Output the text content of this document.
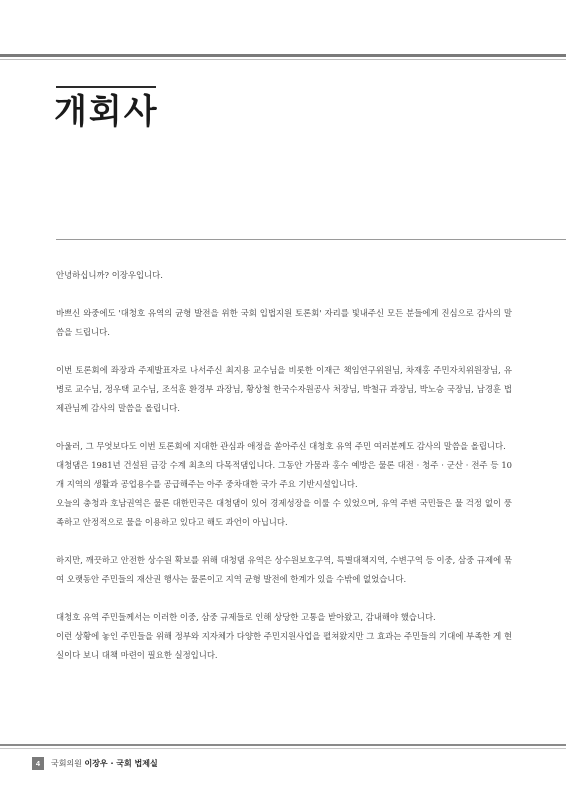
개회사

안녕하십니까? 이장우입니다.

바쁘신 와중에도 '대청호 유역의 균형 발전을 위한 국회 입법지원 토론회' 자리를 빛내주신 모든 분들에게 진심으로 감사의 말씀을 드립니다.

이번 토론회에 좌장과 주제발표자로 나서주신 최지용 교수님을 비롯한 이재근 책임연구위원님, 차재홍 주민자치위원장님, 유병로 교수님, 정우택 교수님, 조석훈 환경부 과장님, 황상철 한국수자원공사 처장님, 박철규 과장님, 박노승 국장님, 남경훈 법제관님께 감사의 말씀을 올립니다.

아울러, 그 무엇보다도 이번 토론회에 지대한 관심과 애정을 쏟아주신 대청호 유역 주민 여러분께도 감사의 말씀을 올립니다.

대청댐은 1981년 건설된 금강 수계 최초의 다목적댐입니다. 그동안 가뭄과 홍수 예방은 물론 대전 · 청주 · 군산 · 전주 등 10개 지역의 생활과 공업용수를 공급해주는 아주 중차대한 국가 주요 기반시설입니다.

오늘의 충청과 호남권역은 물론 대한민국은 대청댐이 있어 경제성장을 이룰 수 있었으며, 유역 주변 국민들은 물 걱정 없이 풍족하고 안정적으로 물을 이용하고 있다고 해도 과언이 아닙니다.

하지만, 깨끗하고 안전한 상수원 확보를 위해 대청댐 유역은 상수원보호구역, 특별대책지역, 수변구역 등 이중, 삼중 규제에 묶여 오랫동안 주민들의 재산권 행사는 물론이고 지역 균형 발전에 한계가 있을 수밖에 없었습니다.

대청호 유역 주민들께서는 이러한 이중, 삼중 규제들로 인해 상당한 고통을 받아왔고, 감내해야 했습니다.

이런 상황에 놓인 주민들을 위해 정부와 지자체가 다양한 주민지원사업을 펼쳐왔지만 그 효과는 주민들의 기대에 부족한 게 현실이다 보니 대책 마련이 필요한 실정입니다.

4	국회의원 이장우 · 국회 법제실
